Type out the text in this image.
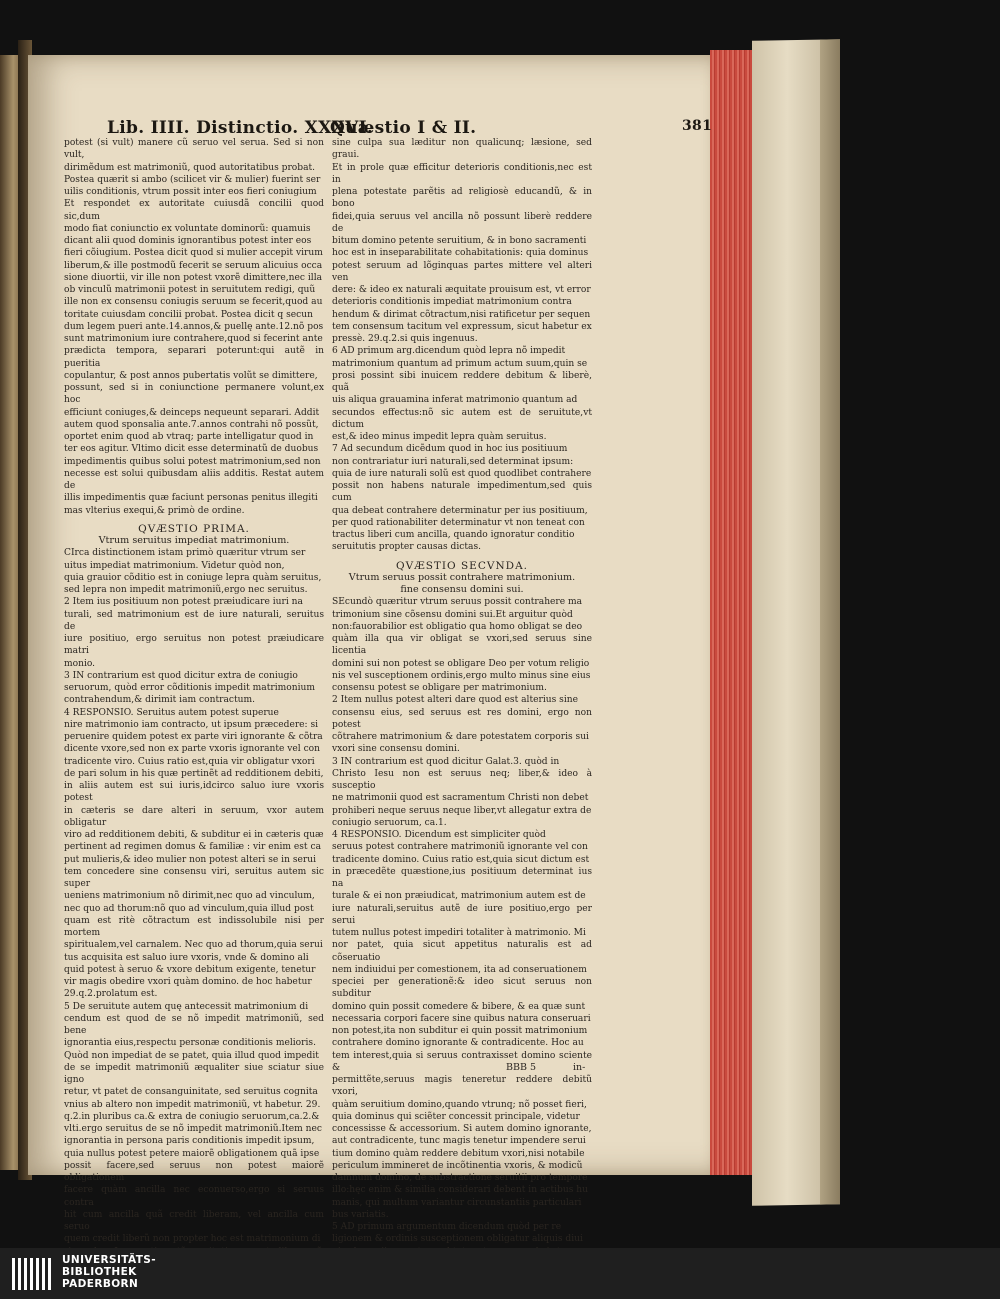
Lib. IIII. Distinctio. XXXVI.
Quæstio I & II.	381

potest (si vult) manere cũ seruo vel serua. Sed si non vult,

dirimẽdum est matrimoniũ, quod autoritatibus probat.

Postea quærit si ambo (scilicet vir & mulier) fuerint ser

uilis conditionis, vtrum possit inter eos fieri coniugium

Et respondet ex autoritate cuiusdã concilii quod sic,dum

modo fiat coniunctio ex voluntate dominorũ: quamuis

dicant alii quod dominis ignorantibus potest inter eos

fieri cõiugium. Postea dicit quod si mulier accepit virum

liberum,& ille postmodũ fecerit se seruum alicuius occa

sione diuortii, vir ille non potest vxorẽ dimittere,nec illa

ob vinculũ matrimonii potest in seruitutem redigi, quũ

ille non ex consensu coniugis seruum se fecerit,quod au

toritate cuiusdam concilii probat. Postea dicit q secun

dum legem pueri ante.14.annos,& puellę ante.12.nõ pos

sunt matrimonium iure contrahere,quod si fecerint ante

prædicta tempora, separari poterunt:qui autẽ in pueritia

copulantur, & post annos pubertatis volũt se dimittere,

possunt, sed si in coniunctione permanere volunt,ex hoc

efficiunt coniuges,& deinceps nequeunt separari. Addit

autem quod sponsalia ante.7.annos contrahi nõ possũt,

oportet enim quod ab vtraq; parte intelligatur quod in

ter eos agitur. Vltimo dicit esse determinatũ de duobus

impedimentis quibus solui potest matrimonium,sed non

necesse est solui quibusdam aliis additis. Restat autem de

illis impedimentis quæ faciunt personas penitus illegiti

mas vlterius exequi,& primò de ordine.

QVÆSTIO PRIMA.
Vtrum seruitus impediat matrimonium.

CIrca distinctionem istam primò quæritur vtrum ser

uitus impediat matrimonium. Videtur quòd non,

quia grauior cõditio est in coniuge lepra quàm seruitus,

sed lepra non impedit matrimoniũ,ergo nec seruitus.

2 Item ius positiuum non potest præiudicare iuri na

turali, sed matrimonium est de iure naturali, seruitus de

iure positiuo, ergo seruitus non potest præiudicare matri

monio.

3 IN contrarium est quod dicitur extra de coniugio

seruorum, quòd error cõditionis impedit matrimonium

contrahendum,& dirimit iam contractum.

4 RESPONSIO. Seruitus autem potest superue

nire matrimonio iam contracto, ut ipsum præcedere: si

peruenire quidem potest ex parte viri ignorante & cõtra

dicente vxore,sed non ex parte vxoris ignorante vel con

tradicente viro. Cuius ratio est,quia vir obligatur vxori

de pari solum in his quæ pertinẽt ad redditionem debiti,

in aliis autem est sui iuris,idcirco saluo iure vxoris potest

in cæteris se dare alteri in seruum, vxor autem obligatur

viro ad redditionem debiti, & subditur ei in cæteris quæ

pertinent ad regimen domus & familiæ : vir enim est ca

put mulieris,& ideo mulier non potest alteri se in serui

tem concedere sine consensu viri, seruitus autem sic super

ueniens matrimonium nõ dirimit,nec quo ad vinculum,

nec quo ad thorum:nõ quo ad vinculum,quia illud post

quam est ritè cõtractum est indissolubile nisi per mortem

spiritualem,vel carnalem. Nec quo ad thorum,quia serui

tus acquisita est saluo iure vxoris, vnde & domino ali

quid potest à seruo & vxore debitum exigente, tenetur

vir magis obedire vxori quàm domino. de hoc habetur

29.q.2.prolatum est.

5 De seruitute autem quę antecessit matrimonium di

cendum est quod de se nõ impedit matrimoniũ, sed bene

ignorantia eius,respectu personæ conditionis melioris.

Quòd non impediat de se patet, quia illud quod impedit

de se impedit matrimoniũ æqualiter siue sciatur siue igno

retur, vt patet de consanguinitate, sed seruitus cognita

vnius ab altero non impedit matrimoniũ, vt habetur. 29.

q.2.in pluribus ca.& extra de coniugio seruorum,ca.2.&

vlti.ergo seruitus de se nõ impedit matrimoniũ.Item nec

ignorantia in persona paris conditionis impedit ipsum,

quia nullus potest petere maiorẽ obligationem quã ipse

possit facere,sed seruus non potest maiorẽ obligationem

facere quàm ancilla nec econuerso,ergo si seruus contra

hit cum ancilla quã credit liberam, vel ancilla cum seruo

quem credit liberũ non propter hoc est matrimonium di

sine culpa sua læditur non qualicunq; læsione, sed graui.

Et in prole quæ efficitur deterioris conditionis,nec est in

plena potestate parẽtis ad religiosè educandũ, & in bono

fidei,quia seruus vel ancilla nõ possunt liberè reddere de

bitum domino petente seruitium, & in bono sacramenti

hoc est in inseparabilitate cohabitationis: quia dominus

potest seruum ad lõginquas partes mittere vel alteri ven

dere: & ideo ex naturali æquitate prouisum est, vt error

deterioris conditionis impediat matrimonium contra

hendum & dirimat cõtractum,nisi ratificetur per sequen

tem consensum tacitum vel expressum, sicut habetur ex

pressè. 29.q.2.si quis ingenuus.

6 AD primum arg.dicendum quòd lepra nõ impedit

matrimonium quantum ad primum actum suum,quin se

prosi possint sibi inuicem reddere debitum & liberè, quã

uis aliqua grauamina inferat matrimonio quantum ad

secundos effectus:nõ sic autem est de seruitute,vt dictum

est,& ideo minus impedit lepra quàm seruitus.

7 Ad secundum dicẽdum quod in hoc ius positiuum

non contrariatur iuri naturali,sed determinat ipsum:

quia de iure naturali solũ est quod quodlibet contrahere

possit non habens naturale impedimentum,sed quis cum

qua debeat contrahere determinatur per ius positiuum,

per quod rationabiliter determinatur vt non teneat con

tractus liberi cum ancilla, quando ignoratur conditio

seruitutis propter causas dictas.

QVÆSTIO SECVNDA.
Vtrum seruus possit contrahere matrimonium.
fine consensu domini sui.

SEcundò quæritur vtrum seruus possit contrahere ma

trimonium sine cõsensu domini sui.Et arguitur quòd

non:fauorabilior est obligatio qua homo obligat se deo

quàm illa qua vir obligat se vxori,sed seruus sine licentia

domini sui non potest se obligare Deo per votum religio

nis vel susceptionem ordinis,ergo multo minus sine eius

consensu potest se obligare per matrimonium.

2 Item nullus potest alteri dare quod est alterius sine

consensu eius, sed seruus est res domini, ergo non potest

cõtrahere matrimonium & dare potestatem corporis sui

vxori sine consensu domini.

3 IN contrarium est quod dicitur Galat.3. quòd in

Christo Iesu non est seruus neq; liber,& ideo à susceptio

ne matrimonii quod est sacramentum Christi non debet

prohiberi neque seruus neque liber,vt allegatur extra de

coniugio seruorum, ca.1.

4 RESPONSIO. Dicendum est simpliciter quòd

seruus potest contrahere matrimoniũ ignorante vel con

tradicente domino. Cuius ratio est,quia sicut dictum est

in præcedẽte quæstione,ius positiuum determinat ius na

turale & ei non præiudicat, matrimonium autem est de

iure naturali,seruitus autẽ de iure positiuo,ergo per serui

tutem nullus potest impediri totaliter à matrimonio. Mi

nor patet, quia sicut appetitus naturalis est ad cõseruatio

nem indiuidui per comestionem, ita ad conseruationem

speciei per generationẽ:& ideo sicut seruus non subditur

domino quin possit comedere & bibere, & ea quæ sunt

necessaria corpori facere sine quibus natura conseruari

non potest,ita non subditur ei quin possit matrimonium

contrahere domino ignorante & contradicente. Hoc au

tem interest,quia si seruus contraxisset domino sciente &

permittẽte,seruus magis teneretur reddere debitũ vxori,

quàm seruitium domino,quando vtrunq; nõ posset fieri,

quia dominus qui sciẽter concessit principale, videtur

concessisse & accessorium. Si autem domino ignorante,

aut contradicente, tunc magis tenetur impendere serui

tium domino quàm reddere debitum vxori,nisi notabile

periculum immineret de incõtinentia vxoris, & modicũ

damnum domino, de substractione seruitii pro tempore

illo:hęc enim & similia considerari debent in actibus hu

manis, qui multum variantur circunstantiis particulari

bus variatis.

5 AD primum argumentum dicendum quòd per re

ligionem & ordinis susceptionem obligatur aliquis diui

BBB 5	in-
UNIVERSITÄTS-
BIBLIOTHEK
PADERBORN
